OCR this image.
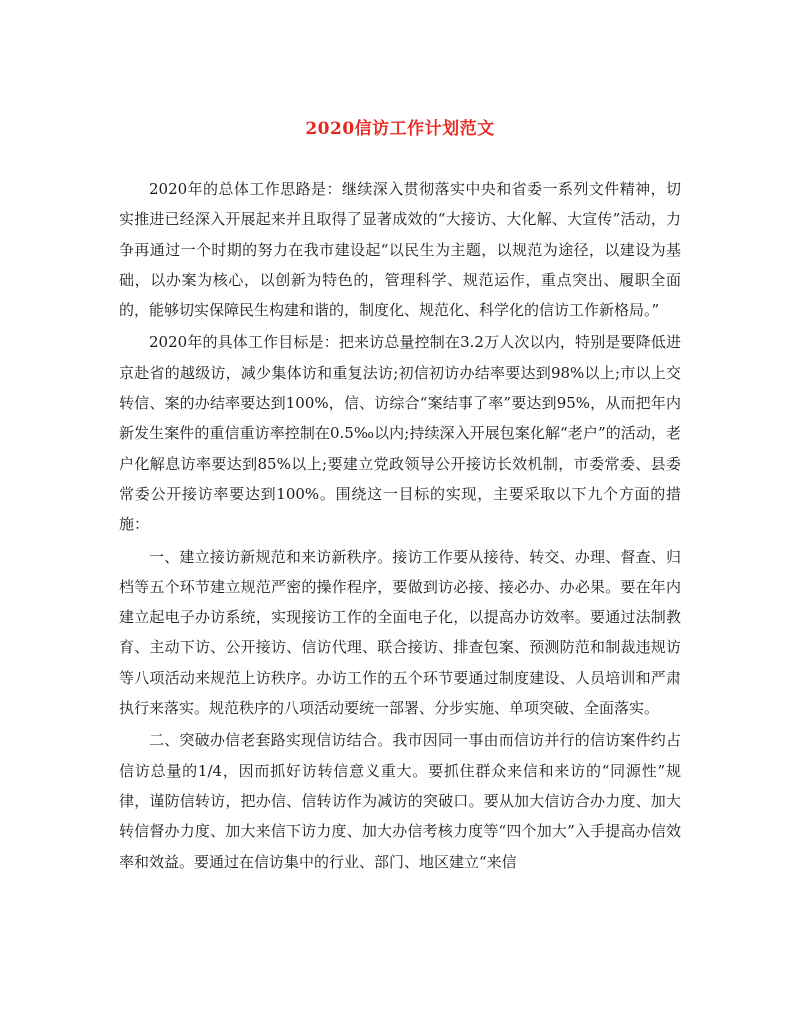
2020信访工作计划范文

2020年的总体工作思路是：继续深入贯彻落实中央和省委一系列文件精神，切实推进已经深入开展起来并且取得了显著成效的“大接访、大化解、大宣传”活动，力争再通过一个时期的努力在我市建设起“以民生为主题，以规范为途径，以建设为基础，以办案为核心，以创新为特色的，管理科学、规范运作，重点突出、履职全面的，能够切实保障民生构建和谐的，制度化、规范化、科学化的信访工作新格局。”

2020年的具体工作目标是：把来访总量控制在3.2万人次以内，特别是要降低进京赴省的越级访，减少集体访和重复法访;初信初访办结率要达到98%以上;市以上交转信、案的办结率要达到100%，信、访综合“案结事了率”要达到95%，从而把年内新发生案件的重信重访率控制在0.5‰以内;持续深入开展包案化解“老户”的活动，老户化解息访率要达到85%以上;要建立党政领导公开接访长效机制，市委常委、县委常委公开接访率要达到100%。围绕这一目标的实现，主要采取以下九个方面的措施：

一、建立接访新规范和来访新秩序。接访工作要从接待、转交、办理、督查、归档等五个环节建立规范严密的操作程序，要做到访必接、接必办、办必果。要在年内建立起电子办访系统，实现接访工作的全面电子化，以提高办访效率。要通过法制教育、主动下访、公开接访、信访代理、联合接访、排查包案、预测防范和制裁违规访等八项活动来规范上访秩序。办访工作的五个环节要通过制度建设、人员培训和严肃执行来落实。规范秩序的八项活动要统一部署、分步实施、单项突破、全面落实。

二、突破办信老套路实现信访结合。我市因同一事由而信访并行的信访案件约占信访总量的1/4，因而抓好访转信意义重大。要抓住群众来信和来访的“同源性”规律，谨防信转访，把办信、信转访作为减访的突破口。要从加大信访合办力度、加大转信督办力度、加大来信下访力度、加大办信考核力度等“四个加大”入手提高办信效率和效益。要通过在信访集中的行业、部门、地区建立“来信
